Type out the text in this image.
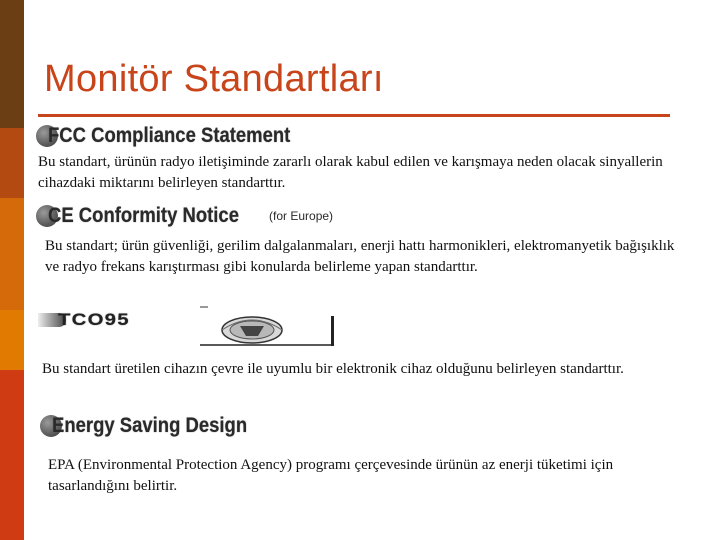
Monitör Standartları
FCC Compliance Statement
Bu standart, ürünün radyo iletişiminde zararlı olarak kabul edilen ve karışmaya neden olacak sinyallerin cihazdaki miktarını belirleyen standarttır.
CE Conformity Notice	(for Europe)
Bu standart; ürün güvenliği, gerilim dalgalanmaları, enerji hattı harmonikleri, elektromanyetik bağışıklık ve radyo frekans karıştırması gibi konularda belirleme yapan standarttır.
TCO95
Bu standart üretilen cihazın çevre ile uyumlu bir elektronik cihaz olduğunu belirleyen standarttır.
Energy Saving Design
EPA (Environmental Protection Agency) programı çerçevesinde ürünün az enerji tüketimi için tasarlandığını belirtir.
